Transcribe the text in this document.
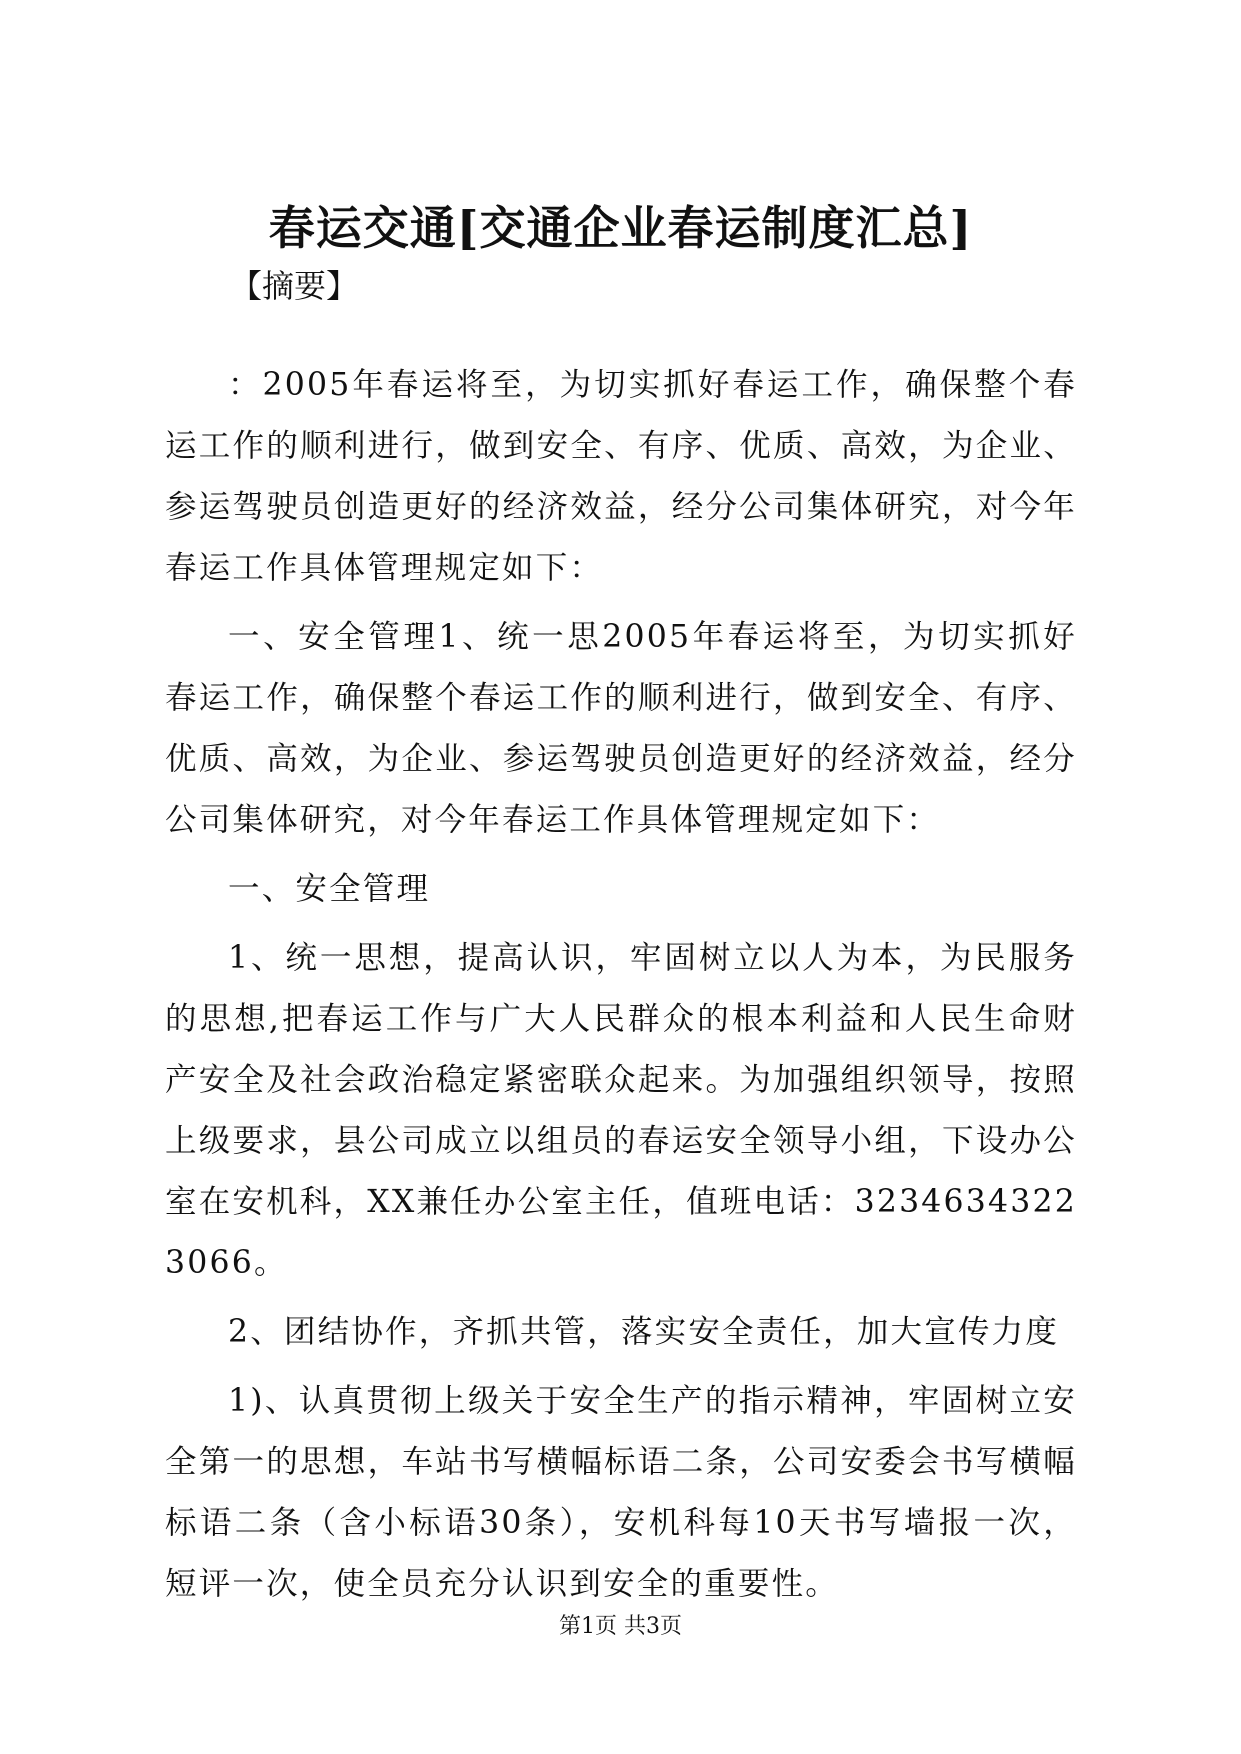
春运交通[交通企业春运制度汇总]

【摘要】

：2005年春运将至，为切实抓好春运工作，确保整个春运工作的顺利进行，做到安全、有序、优质、高效，为企业、参运驾驶员创造更好的经济效益，经分公司集体研究，对今年春运工作具体管理规定如下：

一、安全管理1、统一思2005年春运将至，为切实抓好春运工作，确保整个春运工作的顺利进行，做到安全、有序、优质、高效，为企业、参运驾驶员创造更好的经济效益，经分公司集体研究，对今年春运工作具体管理规定如下：

一、安全管理

1、统一思想，提高认识，牢固树立以人为本，为民服务的思想,把春运工作与广大人民群众的根本利益和人民生命财产安全及社会政治稳定紧密联众起来。为加强组织领导，按照上级要求，县公司成立以组员的春运安全领导小组，下设办公室在安机科，XX兼任办公室主任，值班电话：32346343223066。

2、团结协作，齐抓共管，落实安全责任，加大宣传力度

1)、认真贯彻上级关于安全生产的指示精神，牢固树立安全第一的思想，车站书写横幅标语二条，公司安委会书写横幅标语二条（含小标语30条），安机科每10天书写墙报一次，短评一次，使全员充分认识到安全的重要性。

第1页 共3页
